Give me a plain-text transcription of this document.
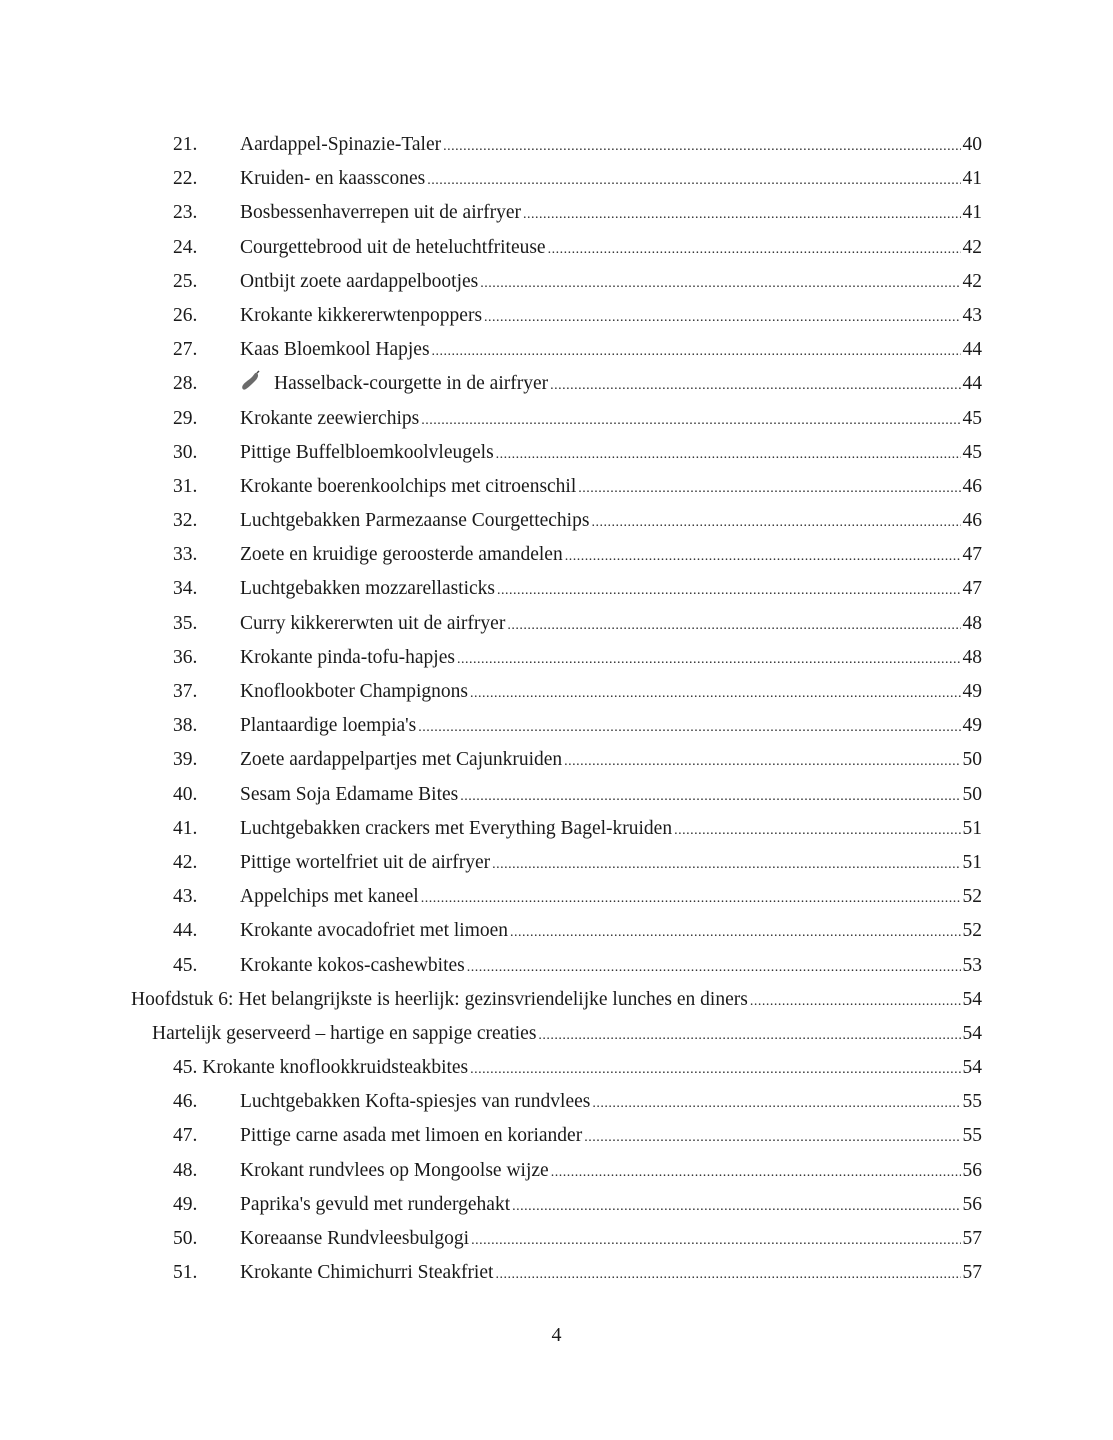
21. Aardappel-Spinazie-Taler .....	40
22. Kruiden- en kaasscones .....	41
23. Bosbessenhaverrepen uit de airfryer .....	41
24. Courgettebrood uit de heteluchtfriteuse .....	42
25. Ontbijt zoete aardappelbootjes .....	42
26. Krokante kikkererwtenpoppers .....	43
27. Kaas Bloemkool Hapjes .....	44
28.	Hasselback-courgette in de airfryer .....	44
29. Krokante zeewierchips .....	45
30. Pittige Buffelbloemkoolvleugels .....	45
31. Krokante boerenkoolchips met citroenschil .....	46
32. Luchtgebakken Parmezaanse Courgettechips .....	46
33. Zoete en kruidige geroosterde amandelen .....	47
34. Luchtgebakken mozzarellasticks .....	47
35. Curry kikkererwten uit de airfryer .....	48
36. Krokante pinda-tofu-hapjes .....	48
37. Knoflookboter Champignons .....	49
38. Plantaardige loempia's .....	49
39. Zoete aardappelpartjes met Cajunkruiden .....	50
40. Sesam Soja Edamame Bites .....	50
41. Luchtgebakken crackers met Everything Bagel-kruiden .....	51
42. Pittige wortelfriet uit de airfryer .....	51
43. Appelchips met kaneel .....	52
44. Krokante avocadofriet met limoen .....	52
45. Krokante kokos-cashewbites .....	53
Hoofdstuk 6: Het belangrijkste is heerlijk: gezinsvriendelijke lunches en diners .....	54
Hartelijk geserveerd – hartige en sappige creaties .....	54
45. Krokante knoflookkruidsteakbites .....	54
46. Luchtgebakken Kofta-spiesjes van rundvlees .....	55
47. Pittige carne asada met limoen en koriander .....	55
48. Krokant rundvlees op Mongoolse wijze .....	56
49. Paprika's gevuld met rundergehakt .....	56
50. Koreaanse Rundvleesbulgogi .....	57
51. Krokante Chimichurri Steakfriet .....	57
4
